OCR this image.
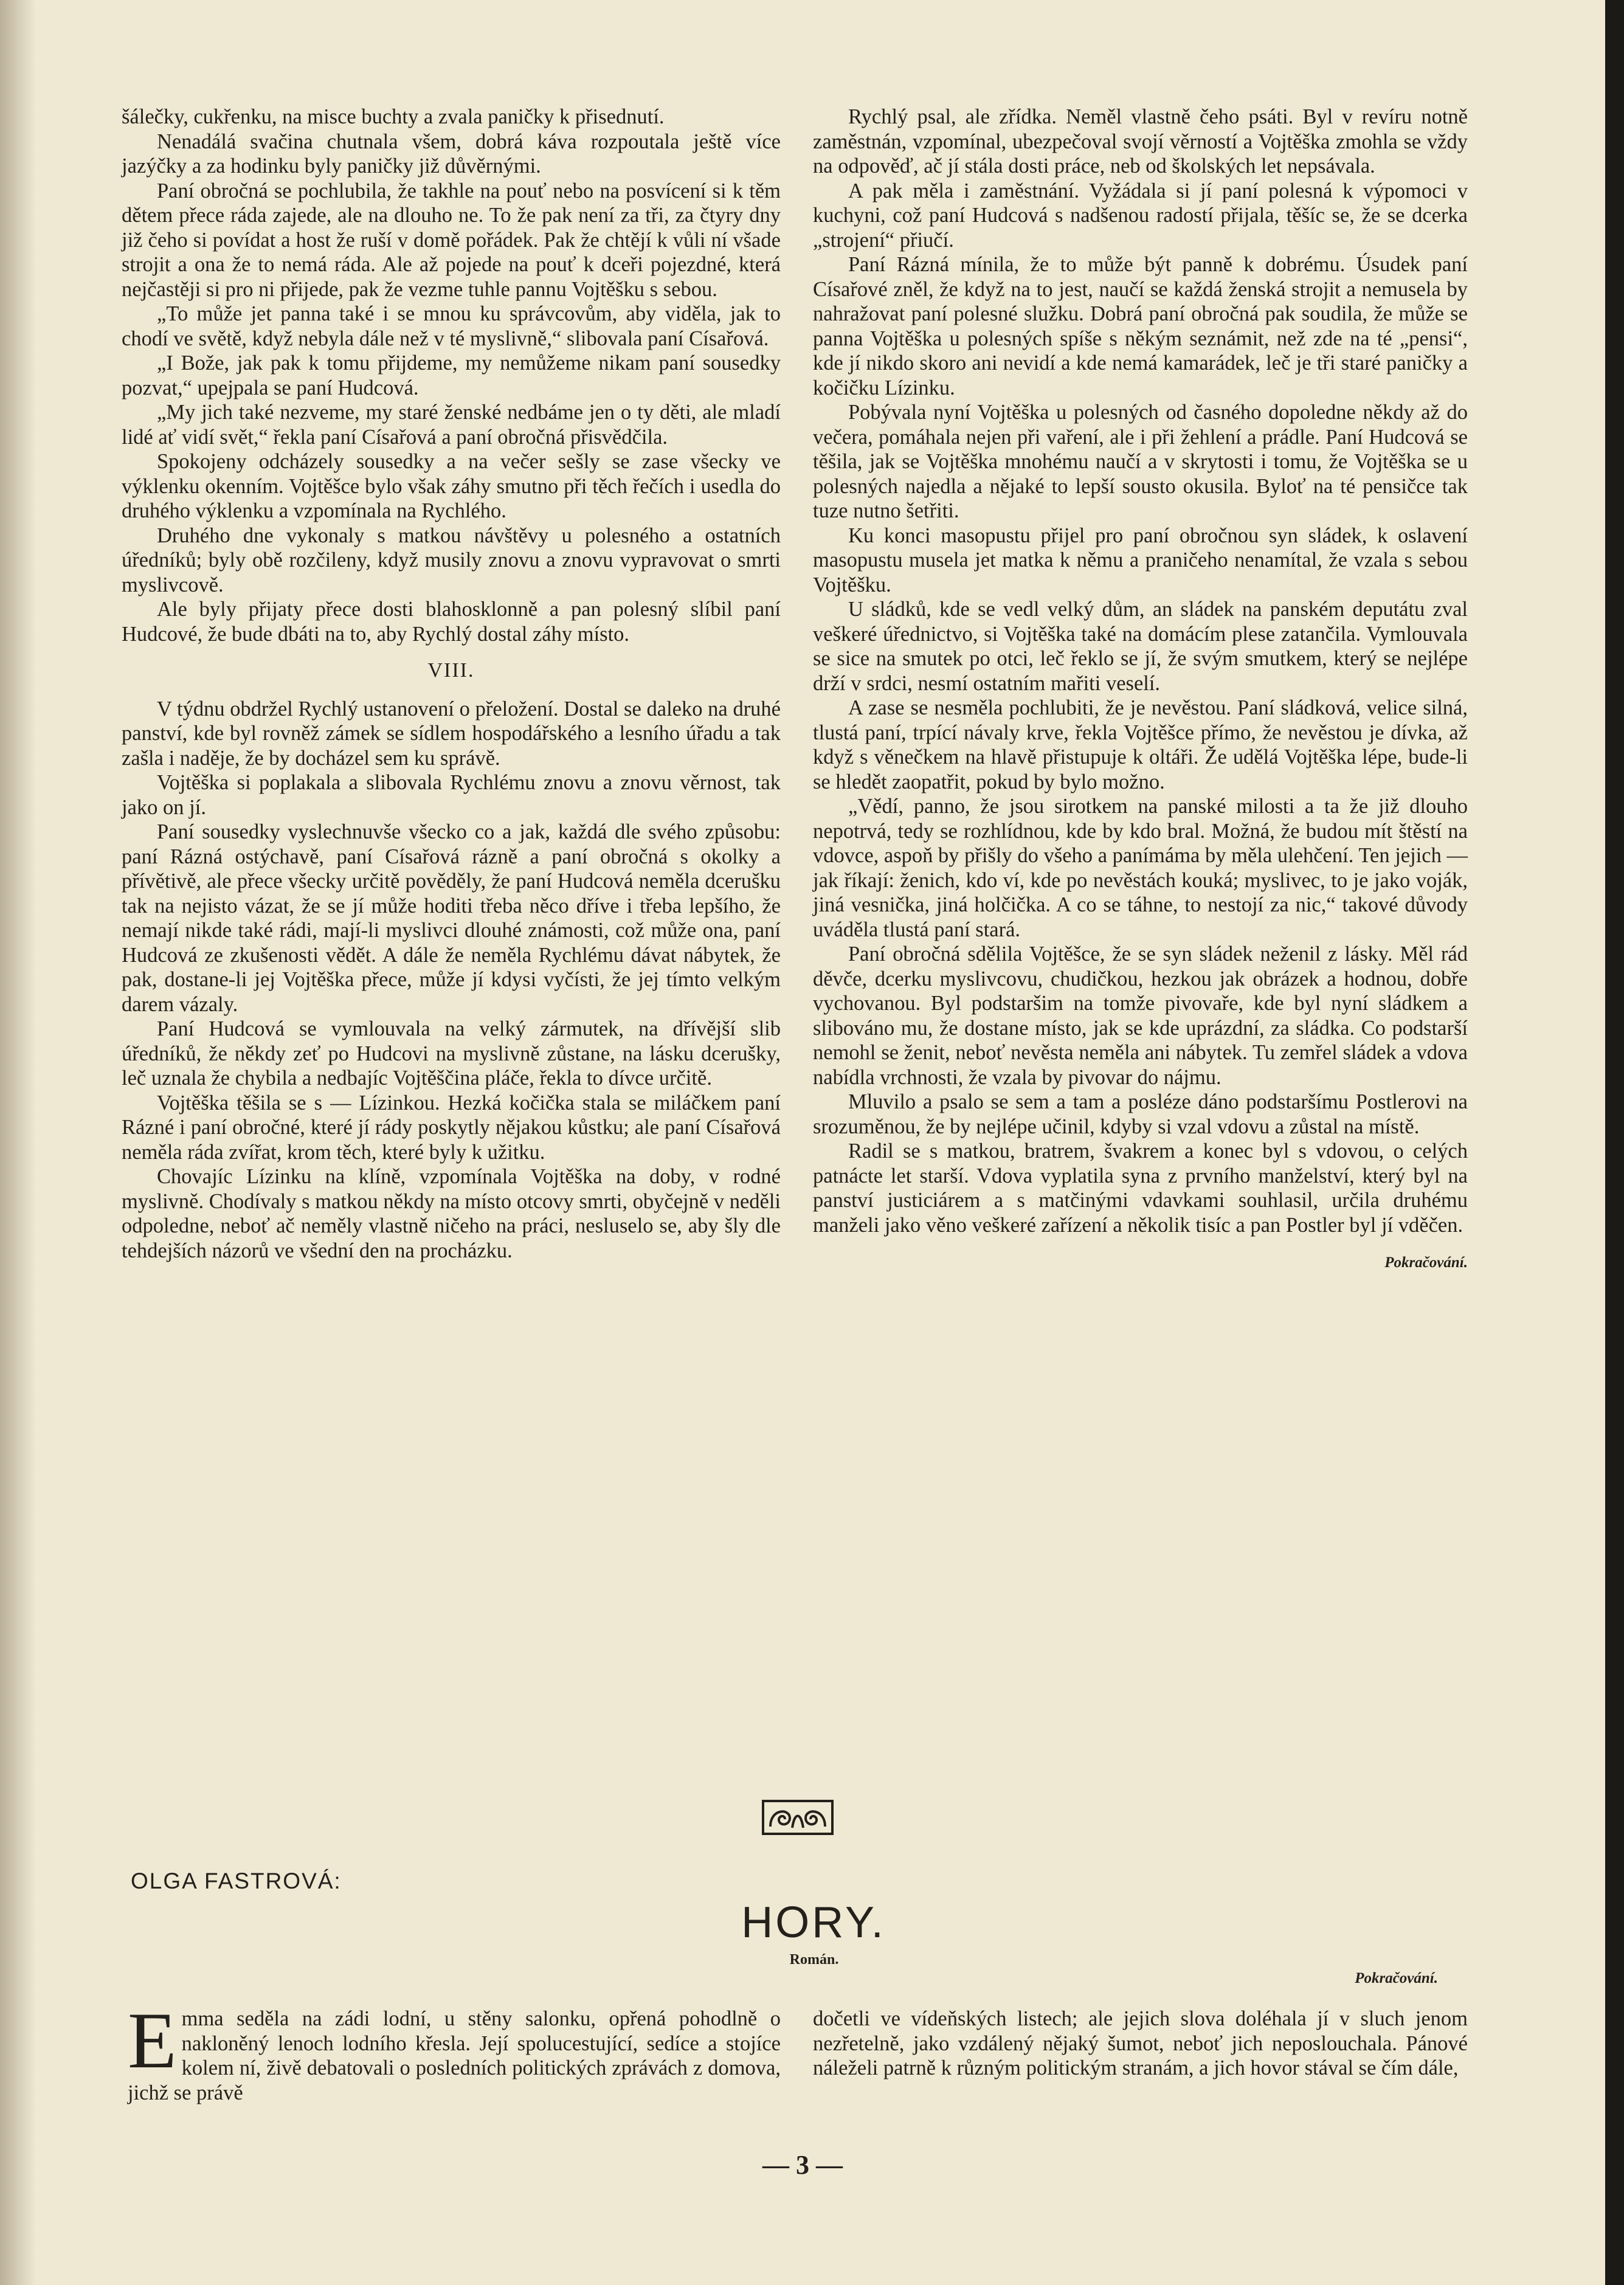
šálečky, cukřenku, na misce buchty a zvala paničky k přisednutí.

Nenadálá svačina chutnala všem, dobrá káva rozpoutala ještě více jazýčky a za hodinku byly paničky již důvěrnými.

Paní obročná se pochlubila, že takhle na pouť nebo na posvícení si k těm dětem přece ráda zajede, ale na dlouho ne. To že pak není za tři, za čtyry dny již čeho si povídat a host že ruší v domě pořádek. Pak že chtějí k vůli ní všade strojit a ona že to nemá ráda. Ale až pojede na pouť k dceři pojezdné, která nejčastěji si pro ni přijede, pak že vezme tuhle pannu Vojtěšku s sebou.

„To může jet panna také i se mnou ku správcovům, aby viděla, jak to chodí ve světě, když nebyla dále než v té myslivně,“ slibovala paní Císařová.

„I Bože, jak pak k tomu přijdeme, my nemůžeme nikam paní sousedky pozvat,“ upejpala se paní Hudcová.

„My jich také nezveme, my staré ženské nedbáme jen o ty děti, ale mladí lidé ať vidí svět,“ řekla paní Císařová a paní obročná přisvědčila.

Spokojeny odcházely sousedky a na večer sešly se zase všecky ve výklenku okenním. Vojtěšce bylo však záhy smutno při těch řečích i usedla do druhého výklenku a vzpomínala na Rychlého.

Druhého dne vykonaly s matkou návštěvy u polesného a ostatních úředníků; byly obě rozčileny, když musily znovu a znovu vypravovat o smrti myslivcově.

Ale byly přijaty přece dosti blahosklonně a pan polesný slíbil paní Hudcové, že bude dbáti na to, aby Rychlý dostal záhy místo.

VIII.

V týdnu obdržel Rychlý ustanovení o přeložení. Dostal se daleko na druhé panství, kde byl rovněž zámek se sídlem hospodářského a lesního úřadu a tak zašla i naděje, že by docházel sem ku správě.

Vojtěška si poplakala a slibovala Rychlému znovu a znovu věrnost, tak jako on jí.

Paní sousedky vyslechnuvše všecko co a jak, každá dle svého způsobu: paní Rázná ostýchavě, paní Císařová rázně a paní obročná s okolky a přívětivě, ale přece všecky určitě pověděly, že paní Hudcová neměla dcerušku tak na nejisto vázat, že se jí může hoditi třeba něco dříve i třeba lepšího, že nemají nikde také rádi, mají-li myslivci dlouhé známosti, což může ona, paní Hudcová ze zkušenosti vědět. A dále že neměla Rychlému dávat nábytek, že pak, dostane-li jej Vojtěška přece, může jí kdysi vyčísti, že jej tímto velkým darem vázaly.

Paní Hudcová se vymlouvala na velký zármutek, na dřívější slib úředníků, že někdy zeť po Hudcovi na myslivně zůstane, na lásku dcerušky, leč uznala že chybila a nedbajíc Vojtěščina pláče, řekla to dívce určitě.

Vojtěška těšila se s — Lízinkou. Hezká kočička stala se miláčkem paní Rázné i paní obročné, které jí rády poskytly nějakou kůstku; ale paní Císařová neměla ráda zvířat, krom těch, které byly k užitku.

Chovajíc Lízinku na klíně, vzpomínala Vojtěška na doby, v rodné myslivně. Chodívaly s matkou někdy na místo otcovy smrti, obyčejně v neděli odpoledne, neboť ač neměly vlastně ničeho na práci, nesluselo se, aby šly dle tehdejších názorů ve všední den na procházku.

Rychlý psal, ale zřídka. Neměl vlastně čeho psáti. Byl v revíru notně zaměstnán, vzpomínal, ubezpečoval svojí věrností a Vojtěška zmohla se vždy na odpověď, ač jí stála dosti práce, neb od školských let nepsávala.

A pak měla i zaměstnání. Vyžádala si jí paní polesná k výpomoci v kuchyni, což paní Hudcová s nadšenou radostí přijala, těšíc se, že se dcerka „strojení“ přiučí.

Paní Rázná mínila, že to může být panně k dobrému. Úsudek paní Císařové zněl, že když na to jest, naučí se každá ženská strojit a nemusela by nahražovat paní polesné služku. Dobrá paní obročná pak soudila, že může se panna Vojtěška u polesných spíše s někým seznámit, než zde na té „pensi“, kde jí nikdo skoro ani nevidí a kde nemá kamarádek, leč je tři staré paničky a kočičku Lízinku.

Pobývala nyní Vojtěška u polesných od časného dopoledne někdy až do večera, pomáhala nejen při vaření, ale i při žehlení a prádle. Paní Hudcová se těšila, jak se Vojtěška mnohému naučí a v skrytosti i tomu, že Vojtěška se u polesných najedla a nějaké to lepší sousto okusila. Byloť na té pensičce tak tuze nutno šetřiti.

Ku konci masopustu přijel pro paní obročnou syn sládek, k oslavení masopustu musela jet matka k němu a praničeho nenamítal, že vzala s sebou Vojtěšku.

U sládků, kde se vedl velký dům, an sládek na panském deputátu zval veškeré úřednictvo, si Vojtěška také na domácím plese zatančila. Vymlouvala se sice na smutek po otci, leč řeklo se jí, že svým smutkem, který se nejlépe drží v srdci, nesmí ostatním mařiti veselí.

A zase se nesměla pochlubiti, že je nevěstou. Paní sládková, velice silná, tlustá paní, trpící návaly krve, řekla Vojtěšce přímo, že nevěstou je dívka, až když s věnečkem na hlavě přistupuje k oltáři. Že udělá Vojtěška lépe, bude-li se hledět zaopatřit, pokud by bylo možno.

„Vědí, panno, že jsou sirotkem na panské milosti a ta že již dlouho nepotrvá, tedy se rozhlídnou, kde by kdo bral. Možná, že budou mít štěstí na vdovce, aspoň by přišly do všeho a panímáma by měla ulehčení. Ten jejich — jak říkají: ženich, kdo ví, kde po nevěstách kouká; myslivec, to je jako voják, jiná vesnička, jiná holčička. A co se táhne, to nestojí za nic,“ takové důvody uváděla tlustá paní stará.

Paní obročná sdělila Vojtěšce, že se syn sládek neženil z lásky. Měl rád děvče, dcerku myslivcovu, chudičkou, hezkou jak obrázek a hodnou, dobře vychovanou. Byl podstaršim na tomže pivovaře, kde byl nyní sládkem a slibováno mu, že dostane místo, jak se kde uprázdní, za sládka. Co podstarší nemohl se ženit, neboť nevěsta neměla ani nábytek. Tu zemřel sládek a vdova nabídla vrchnosti, že vzala by pivovar do nájmu.

Mluvilo a psalo se sem a tam a posléze dáno podstaršímu Postlerovi na srozuměnou, že by nejlépe učinil, kdyby si vzal vdovu a zůstal na místě.

Radil se s matkou, bratrem, švakrem a konec byl s vdovou, o celých patnácte let starší. Vdova vyplatila syna z prvního manželství, který byl na panství justiciárem a s matčinými vdavkami souhlasil, určila druhému manželi jako věno veškeré zařízení a několik tisíc a pan Postler byl jí vděčen.

Pokračování.
OLGA FASTROVÁ:
HORY.
Román.
Pokračování.
Emma seděla na zádi lodní, u stěny salonku, opřená pohodlně o nakloněný lenoch lodního křesla. Její spolucestující, sedíce a stojíce kolem ní, živě debatovali o posledních politických zprávách z domova, jichž se právě
dočetli ve vídeňských listech; ale jejich slova doléhala jí v sluch jenom nezřetelně, jako vzdálený nějaký šumot, neboť jich neposlouchala. Pánové náleželi patrně k různým politickým stranám, a jich hovor stával se čím dále,
— 3 —
